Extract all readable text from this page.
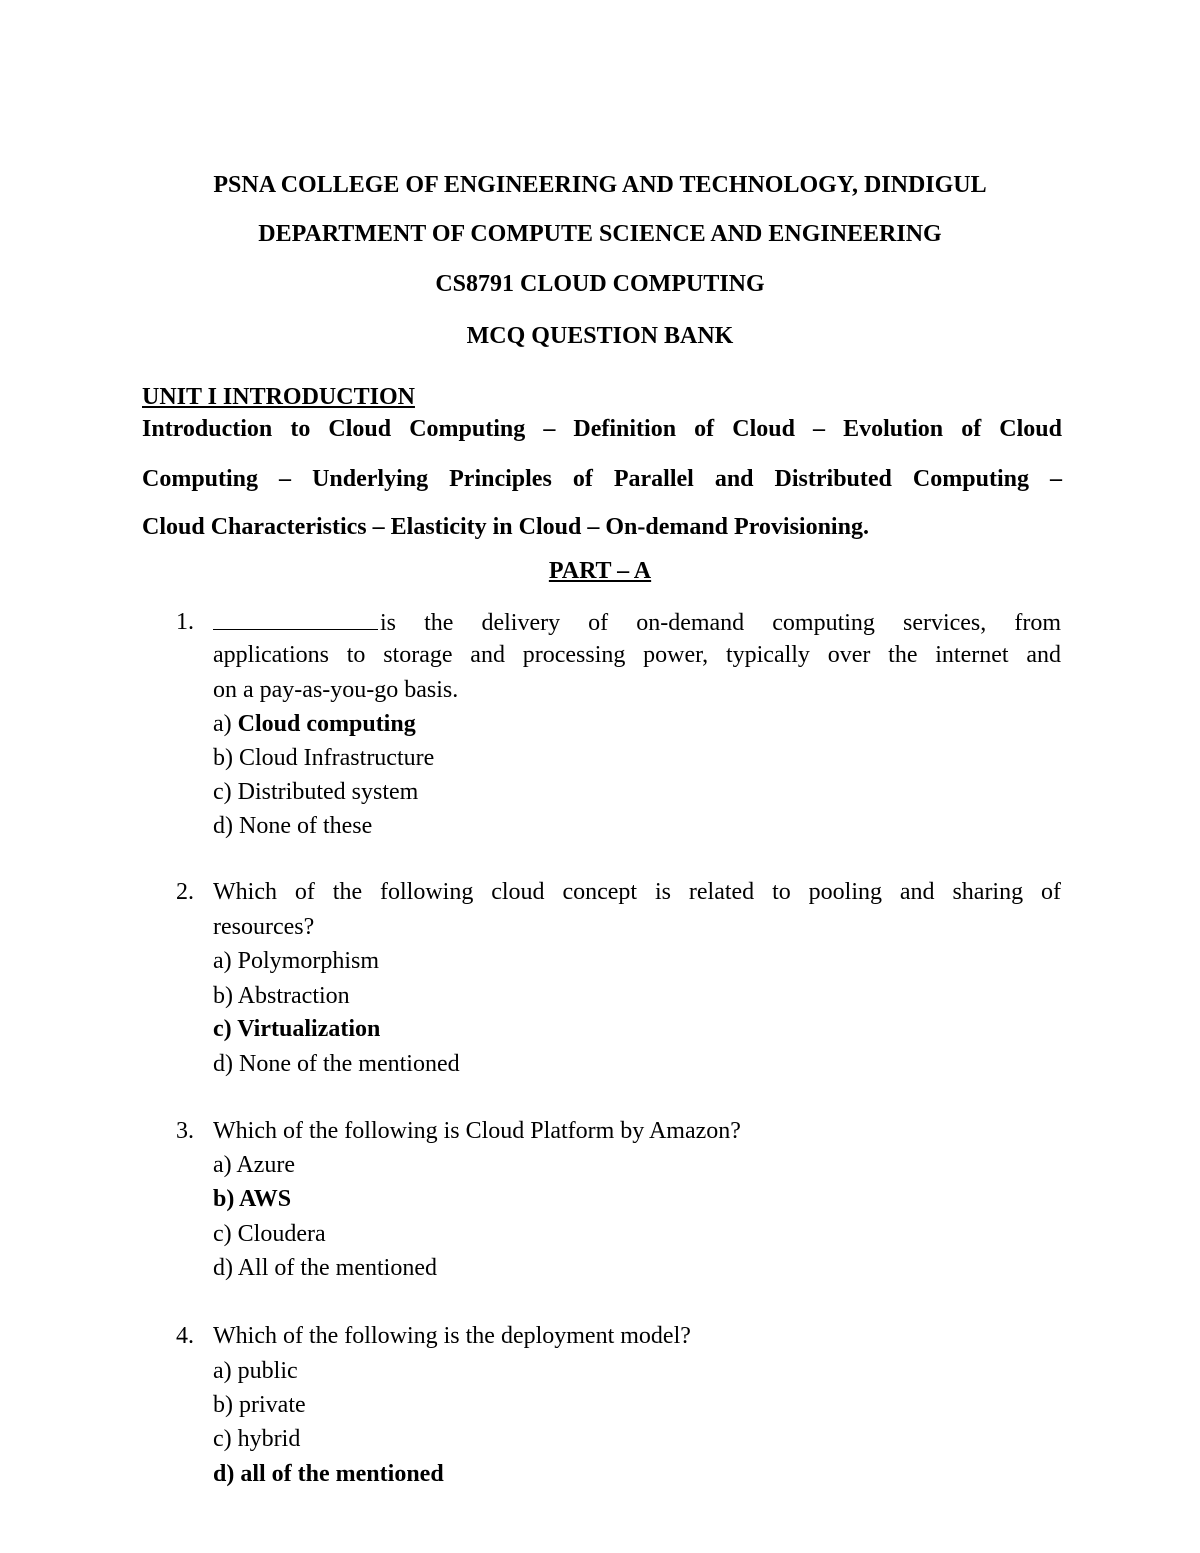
PSNA COLLEGE OF ENGINEERING AND TECHNOLOGY, DINDIGUL
DEPARTMENT OF COMPUTE SCIENCE AND ENGINEERING
CS8791 CLOUD COMPUTING
MCQ QUESTION BANK
UNIT I INTRODUCTION
Introduction to Cloud Computing – Definition of Cloud – Evolution of Cloud
Computing – Underlying Principles of Parallel and Distributed Computing –
Cloud Characteristics – Elasticity in Cloud – On-demand Provisioning.
PART – A
1.	is the delivery of on-demand computing services, from
applications to storage and processing power, typically over the internet and
on a pay-as-you-go basis.
a) Cloud computing
b) Cloud Infrastructure
c) Distributed system
d) None of these
2. Which of the following cloud concept is related to pooling and sharing of
resources?
a) Polymorphism
b) Abstraction
c) Virtualization
d) None of the mentioned
3. Which of the following is Cloud Platform by Amazon?
a) Azure
b) AWS
c) Cloudera
d) All of the mentioned
4. Which of the following is the deployment model?
a) public
b) private
c) hybrid
d) all of the mentioned
